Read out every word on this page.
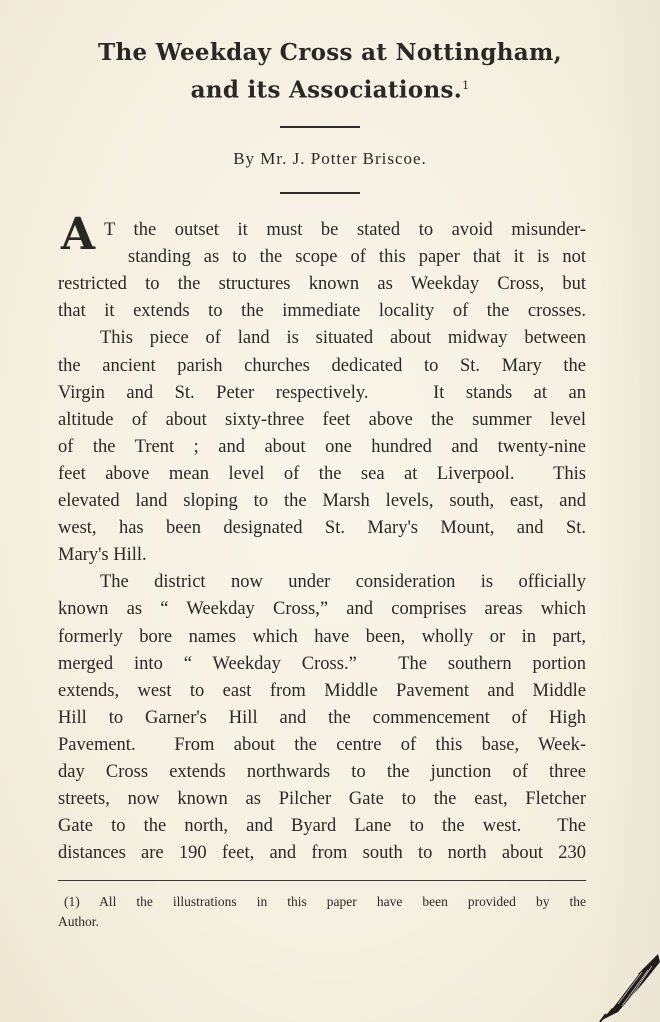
The Weekday Cross at Nottingham,
and its Associations.$^1$
By Mr. J. Potter Briscoe.
A T the outset it must be stated to avoid misunder-
standing as to the scope of this paper that it is not
restricted to the structures known as Weekday Cross, but
that it extends to the immediate locality of the crosses.
This piece of land is situated about midway between
the ancient parish churches dedicated to St. Mary the
Virgin and St. Peter respectively.   It stands at an
altitude of about sixty-three feet above the summer level
of the Trent ; and about one hundred and twenty-nine
feet above mean level of the sea at Liverpool.  This
elevated land sloping to the Marsh levels, south, east, and
west, has been designated St. Mary's Mount, and St.
Mary's Hill.
The district now under consideration is officially
known as “ Weekday Cross,” and comprises areas which
formerly bore names which have been, wholly or in part,
merged into “ Weekday Cross.”  The southern portion
extends, west to east from Middle Pavement and Middle
Hill to Garner's Hill and the commencement of High
Pavement.  From about the centre of this base, Week-
day Cross extends northwards to the junction of three
streets, now known as Pilcher Gate to the east, Fletcher
Gate to the north, and Byard Lane to the west.  The
distances are 190 feet, and from south to north about 230
(1) All the illustrations in this paper have been provided by the
Author.
